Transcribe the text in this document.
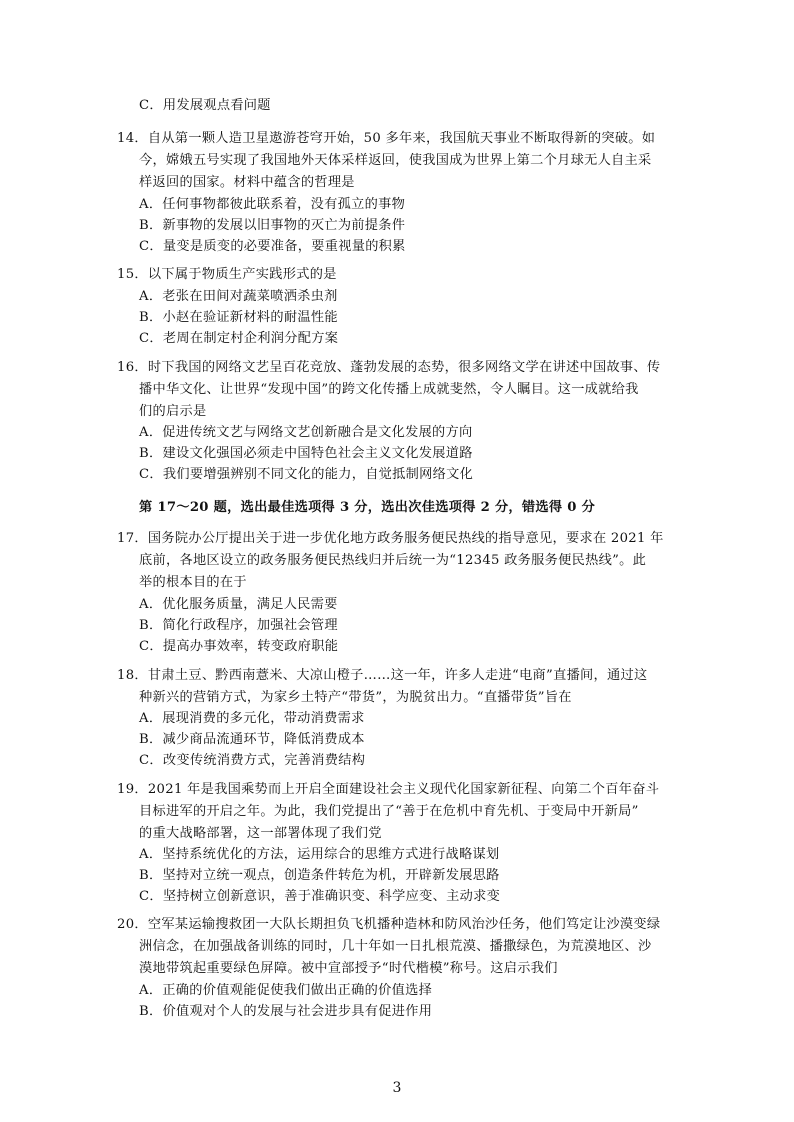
C．用发展观点看问题
14．自从第一颗人造卫星遨游苍穹开始，50 多年来，我国航天事业不断取得新的突破。如
今，嫦娥五号实现了我国地外天体采样返回，使我国成为世界上第二个月球无人自主采
样返回的国家。材料中蕴含的哲理是
A．任何事物都彼此联系着，没有孤立的事物
B．新事物的发展以旧事物的灭亡为前提条件
C．量变是质变的必要准备，要重视量的积累
15．以下属于物质生产实践形式的是
A．老张在田间对蔬菜喷洒杀虫剂
B．小赵在验证新材料的耐温性能
C．老周在制定村企利润分配方案
16．时下我国的网络文艺呈百花竞放、蓬勃发展的态势，很多网络文学在讲述中国故事、传
播中华文化、让世界“发现中国”的跨文化传播上成就斐然，令人瞩目。这一成就给我
们的启示是
A．促进传统文艺与网络文艺创新融合是文化发展的方向
B．建设文化强国必须走中国特色社会主义文化发展道路
C．我们要增强辨别不同文化的能力，自觉抵制网络文化
第 17～20 题，选出最佳选项得 3 分，选出次佳选项得 2 分，错选得 0 分
17．国务院办公厅提出关于进一步优化地方政务服务便民热线的指导意见，要求在 2021 年
底前，各地区设立的政务服务便民热线归并后统一为“12345 政务服务便民热线”。此
举的根本目的在于
A．优化服务质量，满足人民需要
B．简化行政程序，加强社会管理
C．提高办事效率，转变政府职能
18．甘肃土豆、黔西南薏米、大凉山橙子……这一年，许多人走进“电商”直播间，通过这
种新兴的营销方式，为家乡土特产“带货”，为脱贫出力。“直播带货”旨在
A．展现消费的多元化，带动消费需求
B．减少商品流通环节，降低消费成本
C．改变传统消费方式，完善消费结构
19．2021 年是我国乘势而上开启全面建设社会主义现代化国家新征程、向第二个百年奋斗
目标进军的开启之年。为此，我们党提出了“善于在危机中育先机、于变局中开新局”
的重大战略部署，这一部署体现了我们党
A．坚持系统优化的方法，运用综合的思维方式进行战略谋划
B．坚持对立统一观点，创造条件转危为机，开辟新发展思路
C．坚持树立创新意识，善于准确识变、科学应变、主动求变
20．空军某运输搜救团一大队长期担负飞机播种造林和防风治沙任务，他们笃定让沙漠变绿
洲信念，在加强战备训练的同时，几十年如一日扎根荒漠、播撒绿色，为荒漠地区、沙
漠地带筑起重要绿色屏障。被中宣部授予“时代楷模”称号。这启示我们
A．正确的价值观能促使我们做出正确的价值选择
B．价值观对个人的发展与社会进步具有促进作用
3
